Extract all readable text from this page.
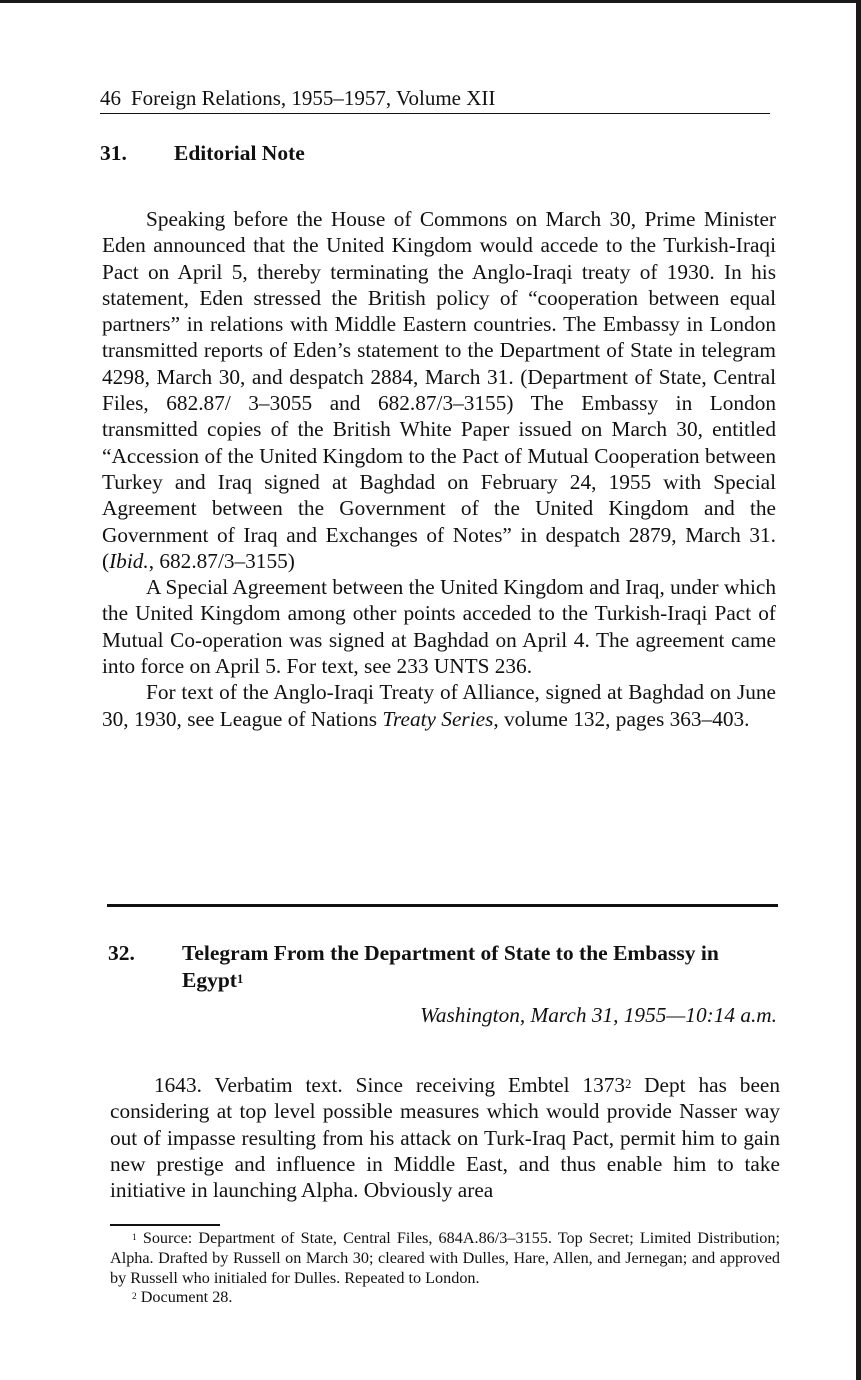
46 Foreign Relations, 1955–1957, Volume XII
31. Editorial Note

Speaking before the House of Commons on March 30, Prime Minister Eden announced that the United Kingdom would accede to the Turkish-Iraqi Pact on April 5, thereby terminating the Anglo-Iraqi treaty of 1930. In his statement, Eden stressed the British policy of “cooperation between equal partners” in relations with Middle Eastern countries. The Embassy in London transmitted reports of Eden’s statement to the Department of State in telegram 4298, March 30, and despatch 2884, March 31. (Department of State, Central Files, 682.87/ 3–3055 and 682.87/3–3155) The Embassy in London transmitted copies of the British White Paper issued on March 30, entitled “Accession of the United Kingdom to the Pact of Mutual Cooperation between Turkey and Iraq signed at Baghdad on February 24, 1955 with Special Agreement between the Government of the United Kingdom and the Government of Iraq and Exchanges of Notes” in despatch 2879, March 31. (Ibid., 682.87/3–3155)

A Special Agreement between the United Kingdom and Iraq, under which the United Kingdom among other points acceded to the Turkish-Iraqi Pact of Mutual Co-operation was signed at Baghdad on April 4. The agreement came into force on April 5. For text, see 233 UNTS 236.

For text of the Anglo-Iraqi Treaty of Alliance, signed at Baghdad on June 30, 1930, see League of Nations Treaty Series, volume 132, pages 363–403.

32. Telegram From the Department of State to the Embassy in
Egypt$^1$
Washington, March 31, 1955—10:14 a.m.

1643. Verbatim text. Since receiving Embtel 1373$^2$ Dept has been considering at top level possible measures which would provide Nasser way out of impasse resulting from his attack on Turk-Iraq Pact, permit him to gain new prestige and influence in Middle East, and thus enable him to take initiative in launching Alpha. Obviously area

$^1$ Source: Department of State, Central Files, 684A.86/3–3155. Top Secret; Limited Distribution; Alpha. Drafted by Russell on March 30; cleared with Dulles, Hare, Allen, and Jernegan; and approved by Russell who initialed for Dulles. Repeated to London.

$^2$ Document 28.
